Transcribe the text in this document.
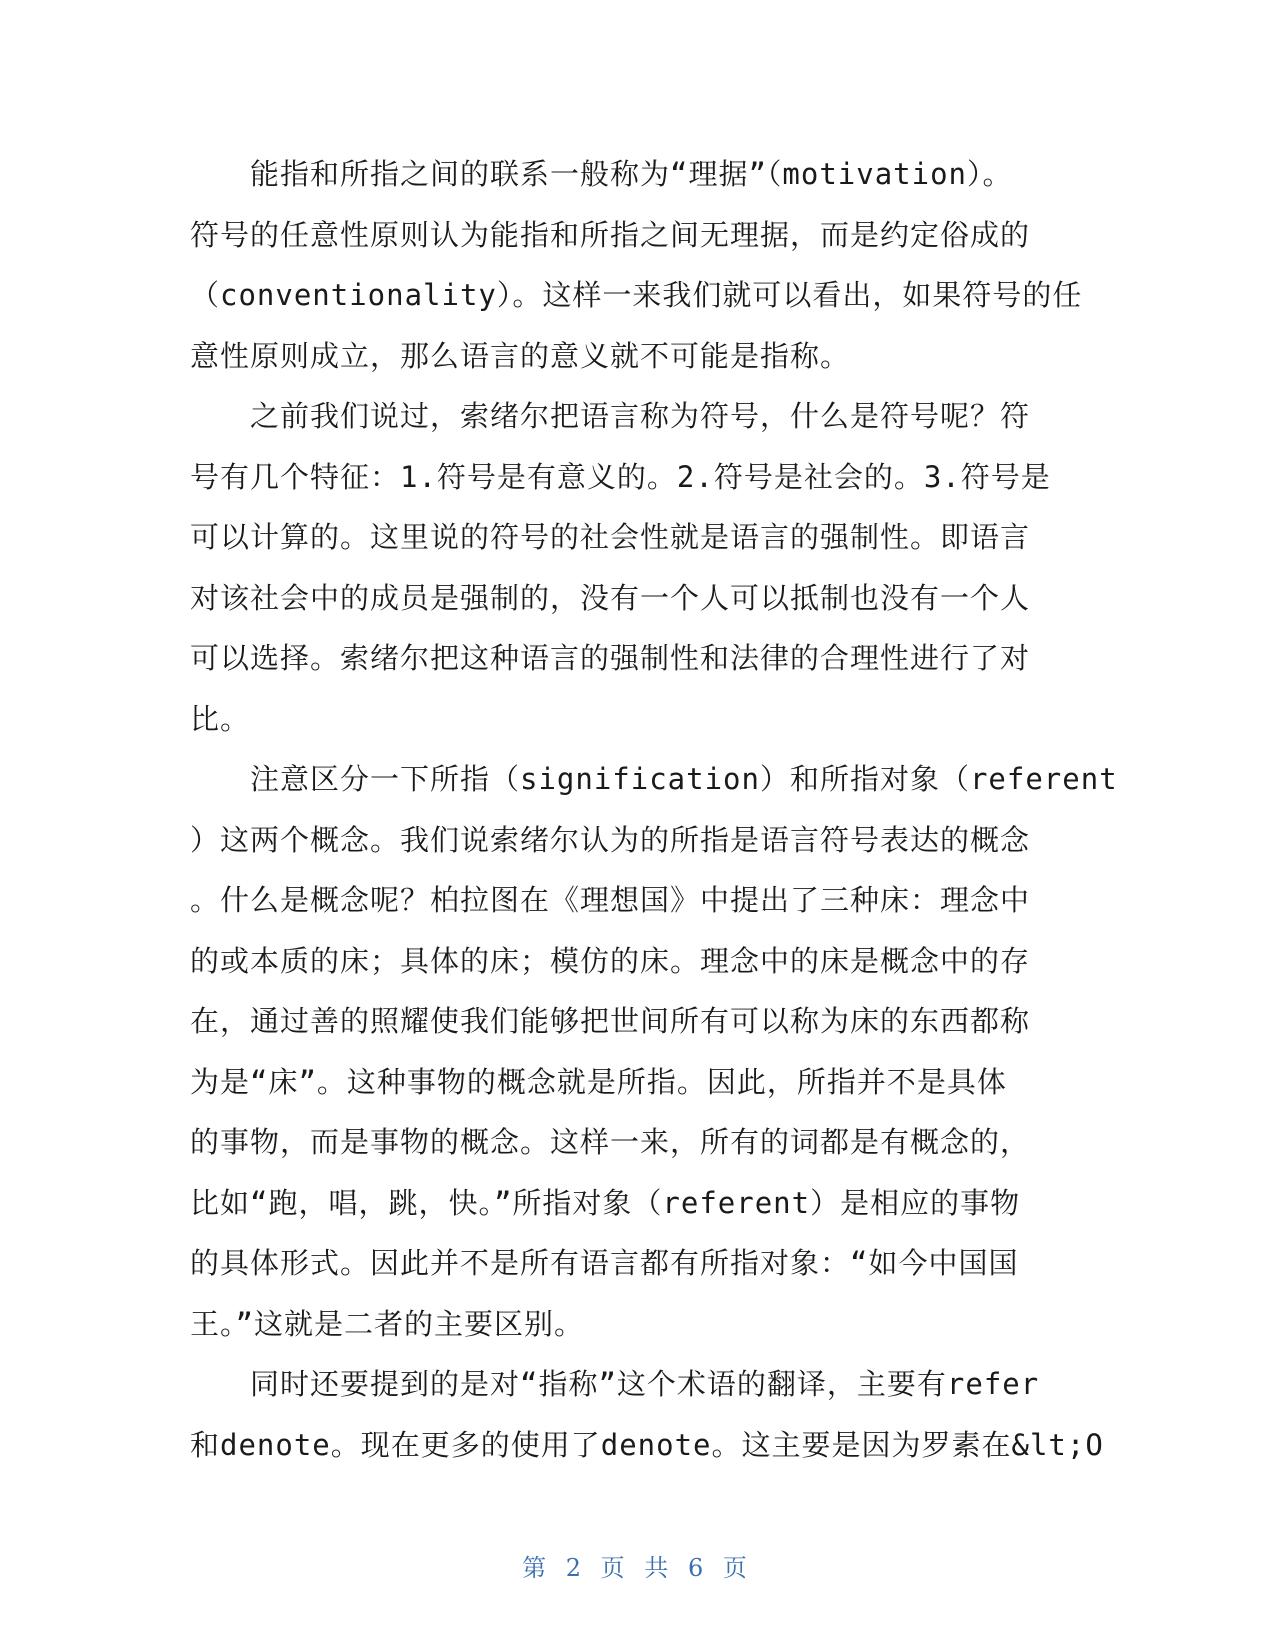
能指和所指之间的联系一般称为“理据”（motivation）。
符号的任意性原则认为能指和所指之间无理据，而是约定俗成的
（conventionality）。这样一来我们就可以看出，如果符号的任
意性原则成立，那么语言的意义就不可能是指称。
之前我们说过，索绪尔把语言称为符号，什么是符号呢？符
号有几个特征：1.符号是有意义的。2.符号是社会的。3.符号是
可以计算的。这里说的符号的社会性就是语言的强制性。即语言
对该社会中的成员是强制的，没有一个人可以抵制也没有一个人
可以选择。索绪尔把这种语言的强制性和法律的合理性进行了对
比。
注意区分一下所指（signification）和所指对象（referent
）这两个概念。我们说索绪尔认为的所指是语言符号表达的概念
。什么是概念呢？柏拉图在《理想国》中提出了三种床：理念中
的或本质的床；具体的床；模仿的床。理念中的床是概念中的存
在，通过善的照耀使我们能够把世间所有可以称为床的东西都称
为是“床”。这种事物的概念就是所指。因此，所指并不是具体
的事物，而是事物的概念。这样一来，所有的词都是有概念的，
比如“跑，唱，跳，快。”所指对象（referent）是相应的事物
的具体形式。因此并不是所有语言都有所指对象：“如今中国国
王。”这就是二者的主要区别。
同时还要提到的是对“指称”这个术语的翻译，主要有refer
和denote。现在更多的使用了denote。这主要是因为罗素在&lt;O
第 2 页 共 6 页
